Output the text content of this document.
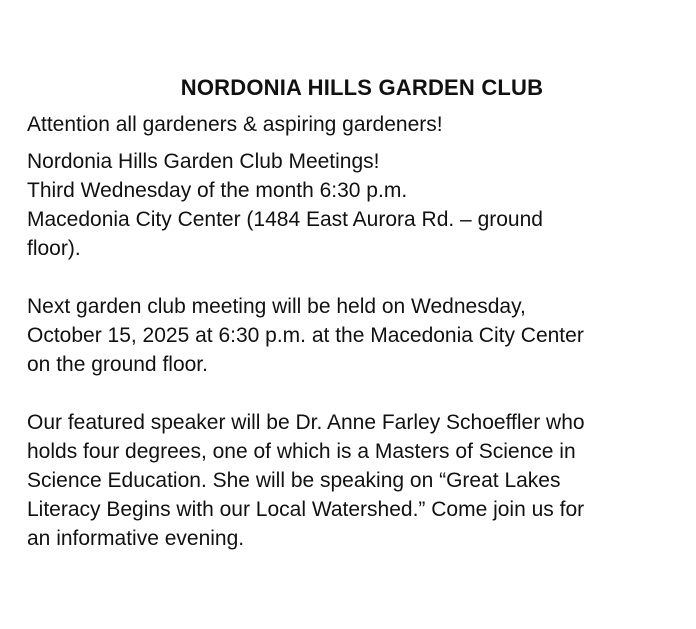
NORDONIA HILLS GARDEN CLUB

Attention all gardeners & aspiring gardeners!

Nordonia Hills Garden Club Meetings!
Third Wednesday of the month 6:30 p.m.
Macedonia City Center (1484 East Aurora Rd. – ground
floor).

Next garden club meeting will be held on Wednesday,
October 15, 2025 at 6:30 p.m. at the Macedonia City Center
on the ground floor.

Our featured speaker will be Dr. Anne Farley Schoeffler who
holds four degrees, one of which is a Masters of Science in
Science Education. She will be speaking on “Great Lakes
Literacy Begins with our Local Watershed.” Come join us for
an informative evening.
